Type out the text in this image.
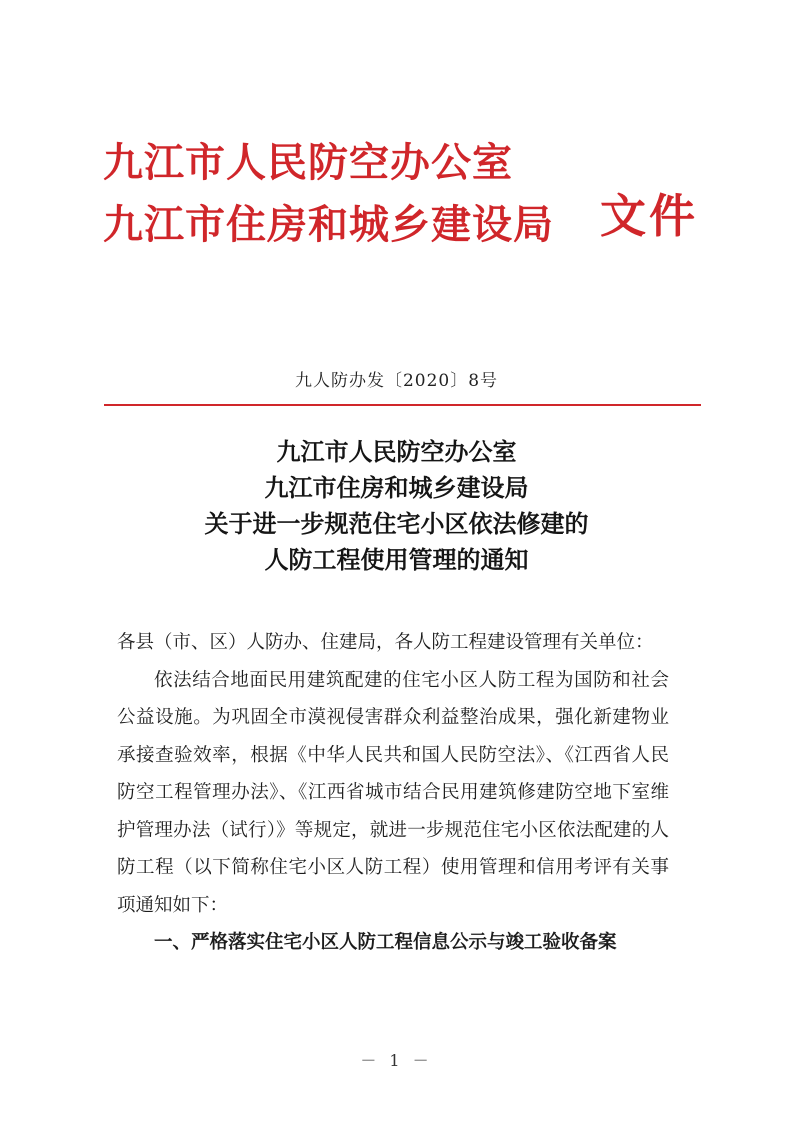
九江市人民防空办公室
九江市住房和城乡建设局	文件
九人防办发〔2020〕8号
九江市人民防空办公室
九江市住房和城乡建设局
关于进一步规范住宅小区依法修建的
人防工程使用管理的通知

各县（市、区）人防办、住建局，各人防工程建设管理有关单位：

依法结合地面民用建筑配建的住宅小区人防工程为国防和社会公益设施。为巩固全市漠视侵害群众利益整治成果，强化新建物业承接查验效率，根据《中华人民共和国人民防空法》、《江西省人民防空工程管理办法》、《江西省城市结合民用建筑修建防空地下室维护管理办法（试行）》等规定，就进一步规范住宅小区依法配建的人防工程（以下简称住宅小区人防工程）使用管理和信用考评有关事项通知如下：

一、严格落实住宅小区人防工程信息公示与竣工验收备案

－ 1 －
